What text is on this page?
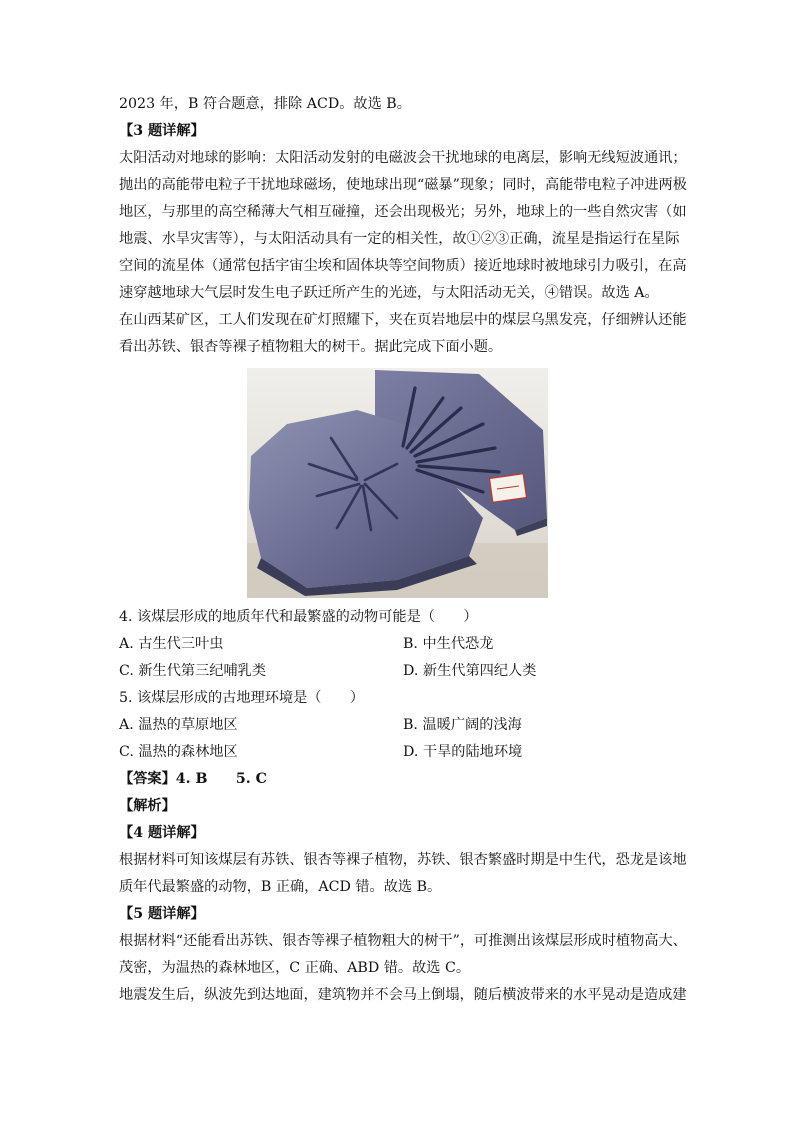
2023 年，B 符合题意，排除 ACD。故选 B。
【3 题详解】
太阳活动对地球的影响：太阳活动发射的电磁波会干扰地球的电离层，影响无线短波通讯；
抛出的高能带电粒子干扰地球磁场，使地球出现“磁暴”现象；同时，高能带电粒子冲进两极
地区，与那里的高空稀薄大气相互碰撞，还会出现极光；另外，地球上的一些自然灾害（如
地震、水旱灾害等），与太阳活动具有一定的相关性，故①②③正确，流星是指运行在星际
空间的流星体（通常包括宇宙尘埃和固体块等空间物质）接近地球时被地球引力吸引，在高
速穿越地球大气层时发生电子跃迁所产生的光迹，与太阳活动无关，④错误。故选 A。
在山西某矿区，工人们发现在矿灯照耀下，夹在页岩地层中的煤层乌黑发亮，仔细辨认还能
看出苏铁、银杏等裸子植物粗大的树干。据此完成下面小题。
4. 该煤层形成的地质年代和最繁盛的动物可能是（　　）
A. 古生代三叶虫	B. 中生代恐龙
C. 新生代第三纪哺乳类	D. 新生代第四纪人类
5. 该煤层形成的古地理环境是（　　）
A. 温热的草原地区	B. 温暖广阔的浅海
C. 温热的森林地区	D. 干旱的陆地环境
【答案】4. B　　5. C
【解析】
【4 题详解】
根据材料可知该煤层有苏铁、银杏等裸子植物，苏铁、银杏繁盛时期是中生代，恐龙是该地
质年代最繁盛的动物，B 正确，ACD 错。故选 B。
【5 题详解】
根据材料“还能看出苏铁、银杏等裸子植物粗大的树干”，可推测出该煤层形成时植物高大、
茂密，为温热的森林地区，C 正确、ABD 错。故选 C。
地震发生后，纵波先到达地面，建筑物并不会马上倒塌，随后横波带来的水平晃动是造成建
